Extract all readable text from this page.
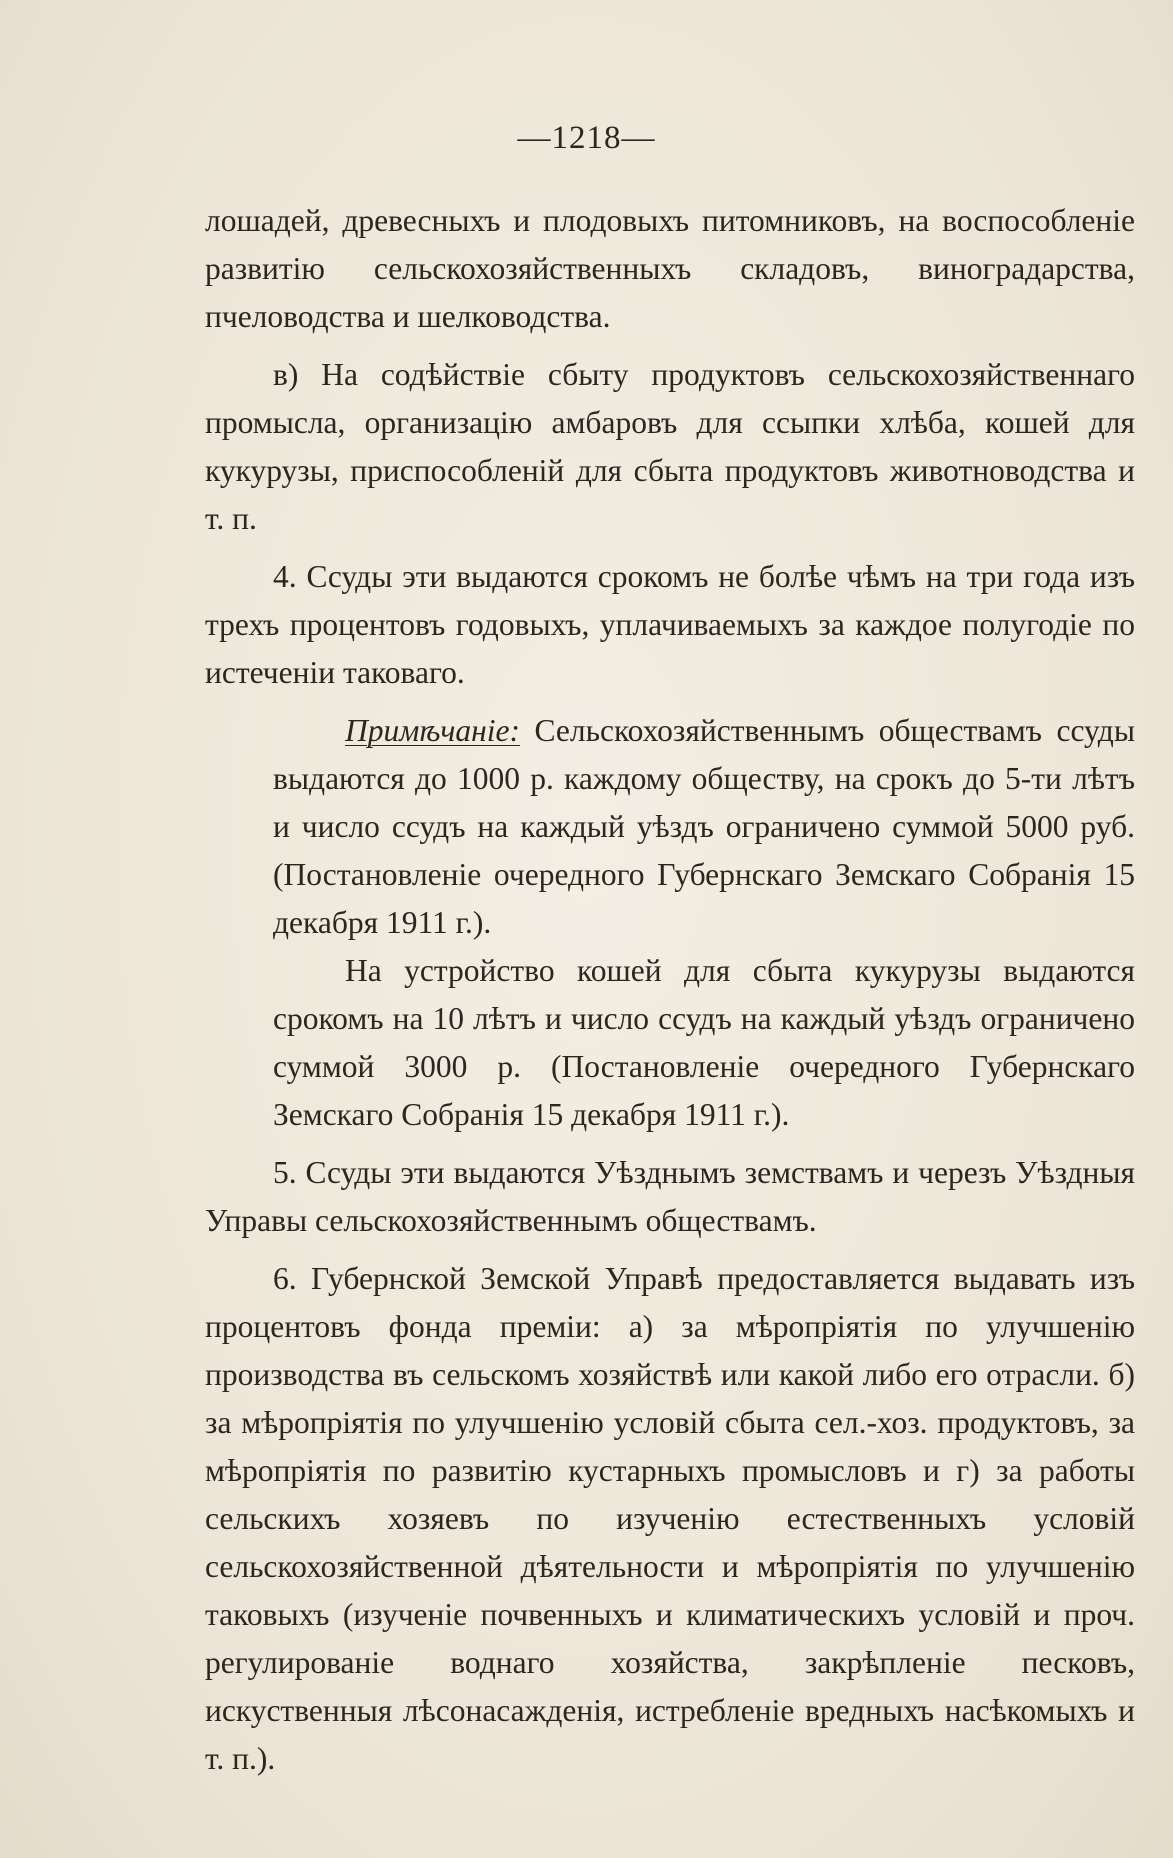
—1218—

лошадей, древесныхъ и плодовыхъ питомниковъ, на воспособленіе развитію сельскохозяйственныхъ складовъ, виноградарства, пчеловодства и шелководства.

в) На содѣйствіе сбыту продуктовъ сельскохозяйственнаго промысла, организацію амбаровъ для ссыпки хлѣба, кошей для кукурузы, приспособленій для сбыта продуктовъ животноводства и т. п.

4. Ссуды эти выдаются срокомъ не болѣе чѣмъ на три года изъ трехъ процентовъ годовыхъ, уплачиваемыхъ за каждое полугодіе по истеченіи таковаго.

Примѣчаніе: Сельскохозяйственнымъ обществамъ ссуды выдаются до 1000 р. каждому обществу, на срокъ до 5-ти лѣтъ и число ссудъ на каждый уѣздъ ограничено суммой 5000 руб. (Постановленіе очередного Губернскаго Земскаго Собранія 15 декабря 1911 г.).

На устройство кошей для сбыта кукурузы выдаются срокомъ на 10 лѣтъ и число ссудъ на каждый уѣздъ ограничено суммой 3000 р. (Постановленіе очередного Губернскаго Земскаго Собранія 15 декабря 1911 г.).

5. Ссуды эти выдаются Уѣзднымъ земствамъ и черезъ Уѣздныя Управы сельскохозяйственнымъ обществамъ.

6. Губернской Земской Управѣ предоставляется выдавать изъ процентовъ фонда преміи: а) за мѣропріятія по улучшенію производства въ сельскомъ хозяйствѣ или какой либо его отрасли. б) за мѣропріятія по улучшенію условій сбыта сел.-хоз. продуктовъ, за мѣропріятія по развитію кустарныхъ промысловъ и г) за работы сельскихъ хозяевъ по изученію естественныхъ условій сельскохозяйственной дѣятельности и мѣропріятія по улучшенію таковыхъ (изученіе почвенныхъ и климатическихъ условій и проч. регулированіе воднаго хозяйства, закрѣпленіе песковъ, искуственныя лѣсонасажденія, истребленіе вредныхъ насѣкомыхъ и т. п.).
